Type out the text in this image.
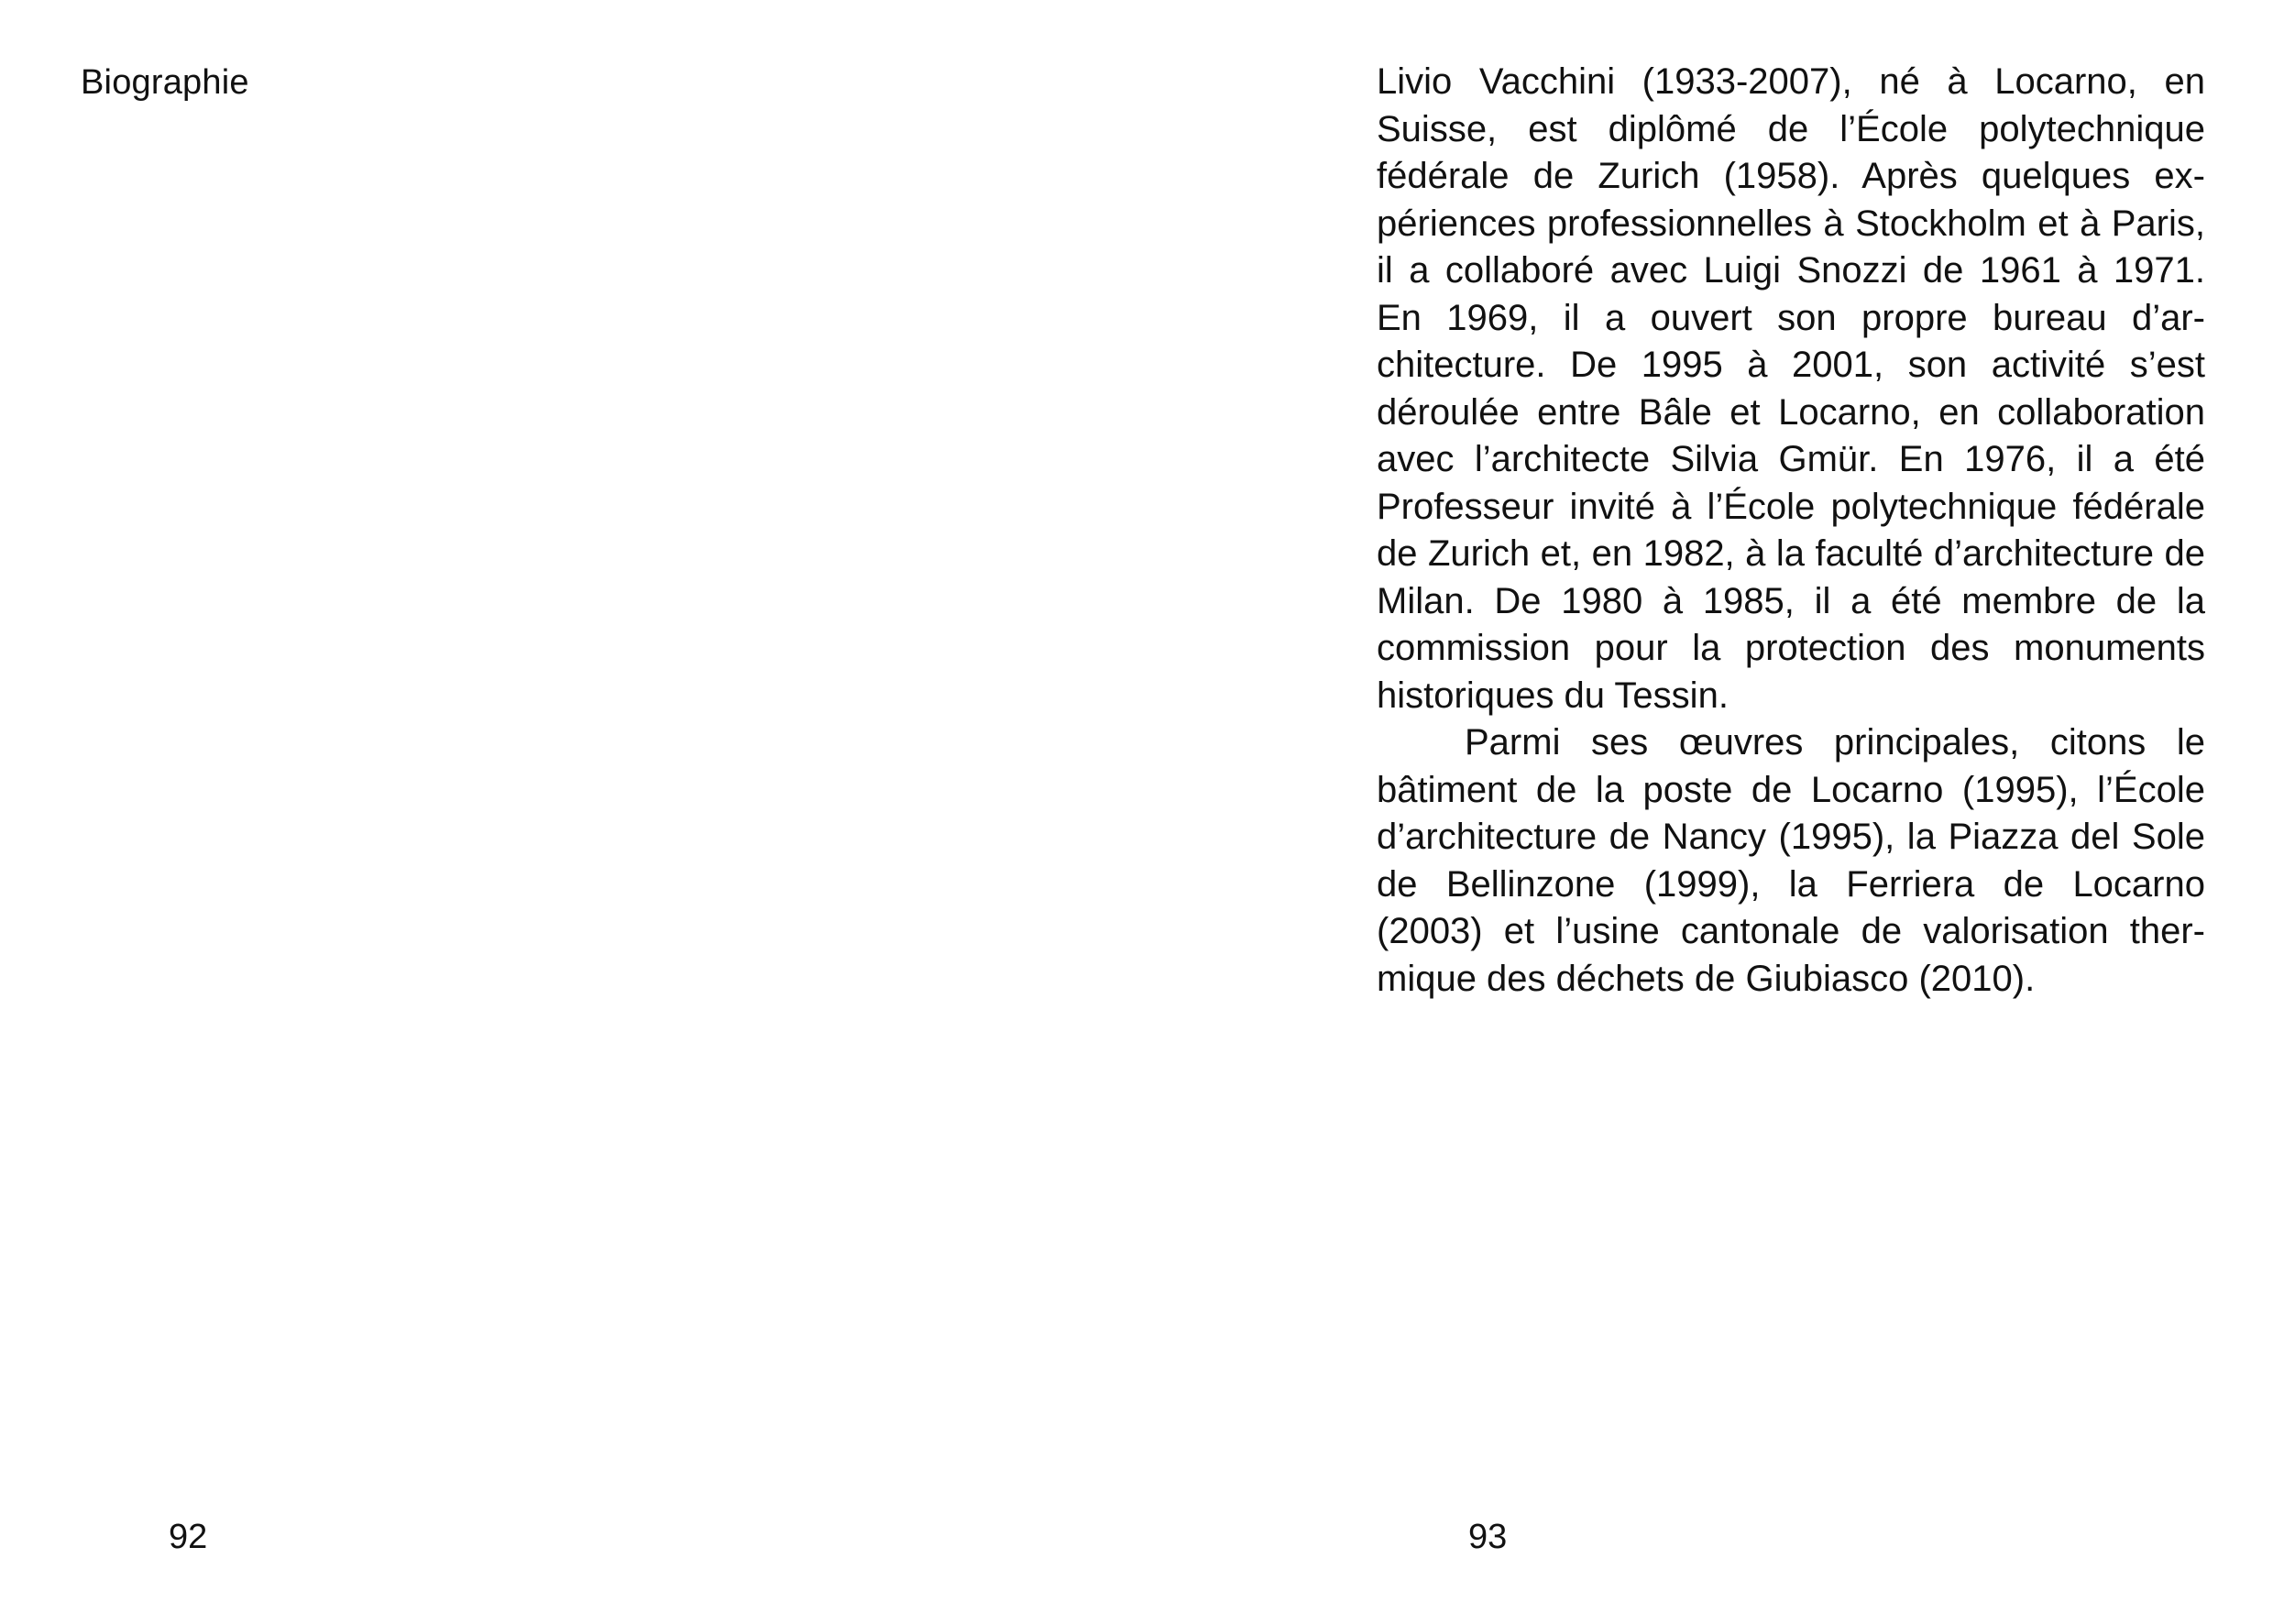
Biographie
92

Livio Vacchini (1933-2007), né à Locarno, en Suisse, est diplômé de l’École polytechnique fédérale de Zurich (1958). Après quelques expériences professionnelles à Stockholm et à Paris, il a collaboré avec Luigi Snozzi de 1961 à 1971. En 1969, il a ouvert son propre bureau d’architecture. De 1995 à 2001, son activité s’est déroulée entre Bâle et Locarno, en collaboration avec l’architecte Silvia Gmür. En 1976, il a été Professeur invité à l’École polytechnique fédérale de Zurich et, en 1982, à la faculté d’architecture de Milan. De 1980 à 1985, il a été membre de la commission pour la protection des monuments historiques du Tessin.

Parmi ses œuvres principales, citons le bâtiment de la poste de Locarno (1995), l’École d’architecture de Nancy (1995), la Piazza del Sole de Bellinzone (1999), la Ferriera de Locarno (2003) et l’usine cantonale de valorisation thermique des déchets de Giubiasco (2010).

93
